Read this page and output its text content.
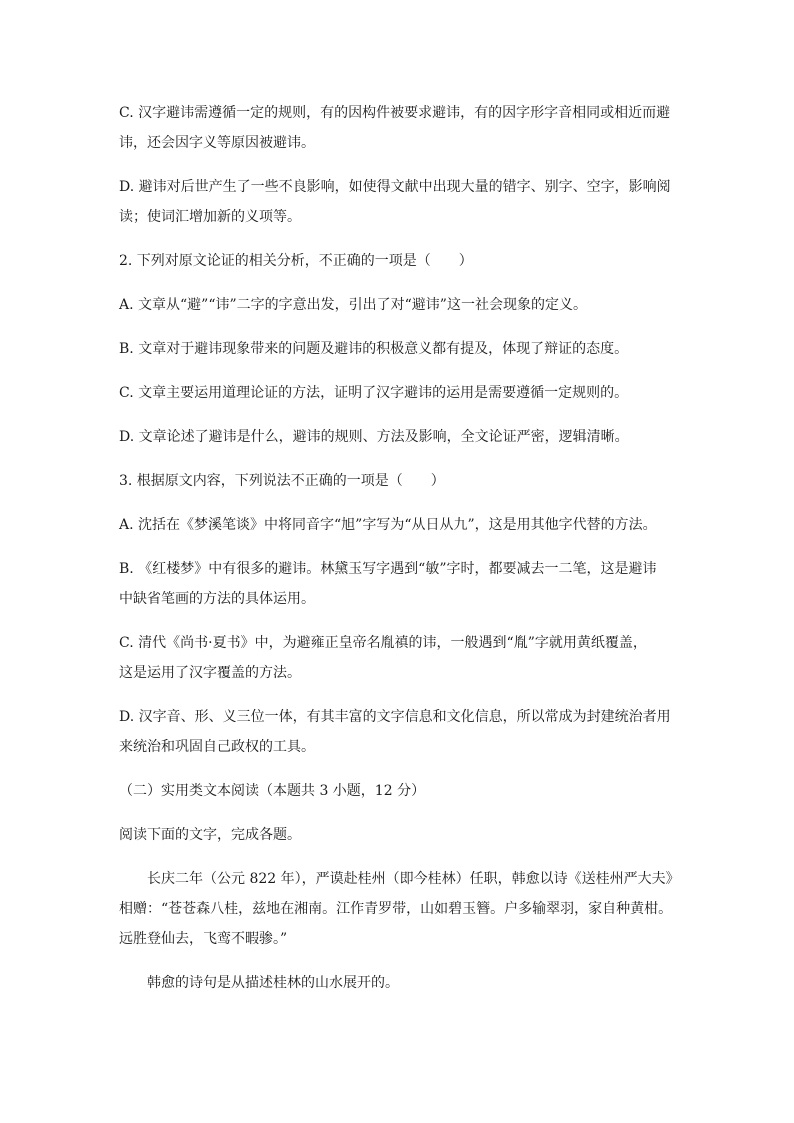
C. 汉字避讳需遵循一定的规则，有的因构件被要求避讳，有的因字形字音相同或相近而避
讳，还会因字义等原因被避讳。

D. 避讳对后世产生了一些不良影响，如使得文献中出现大量的错字、别字、空字，影响阅
读；使词汇增加新的义项等。

2. 下列对原文论证的相关分析，不正确的一项是（　　）

A. 文章从“避”“讳”二字的字意出发，引出了对“避讳”这一社会现象的定义。

B. 文章对于避讳现象带来的问题及避讳的积极意义都有提及，体现了辩证的态度。

C. 文章主要运用道理论证的方法，证明了汉字避讳的运用是需要遵循一定规则的。

D. 文章论述了避讳是什么，避讳的规则、方法及影响，全文论证严密，逻辑清晰。

3. 根据原文内容，下列说法不正确的一项是（　　）

A. 沈括在《梦溪笔谈》中将同音字“旭”字写为“从日从九”，这是用其他字代替的方法。

B. 《红楼梦》中有很多的避讳。林黛玉写字遇到“敏”字时，都要减去一二笔，这是避讳
中缺省笔画的方法的具体运用。

C. 清代《尚书·夏书》中，为避雍正皇帝名胤禛的讳，一般遇到“胤”字就用黄纸覆盖，
这是运用了汉字覆盖的方法。

D. 汉字音、形、义三位一体，有其丰富的文字信息和文化信息，所以常成为封建统治者用
来统治和巩固自己政权的工具。

（二）实用类文本阅读（本题共 3 小题，12 分）

阅读下面的文字，完成各题。

长庆二年（公元 822 年），严谟赴桂州（即今桂林）任职，韩愈以诗《送桂州严大夫》
相赠：“苍苍森八桂，兹地在湘南。江作青罗带，山如碧玉簪。户多输翠羽，家自种黄柑。
远胜登仙去，飞鸾不暇骖。”

韩愈的诗句是从描述桂林的山水展开的。
